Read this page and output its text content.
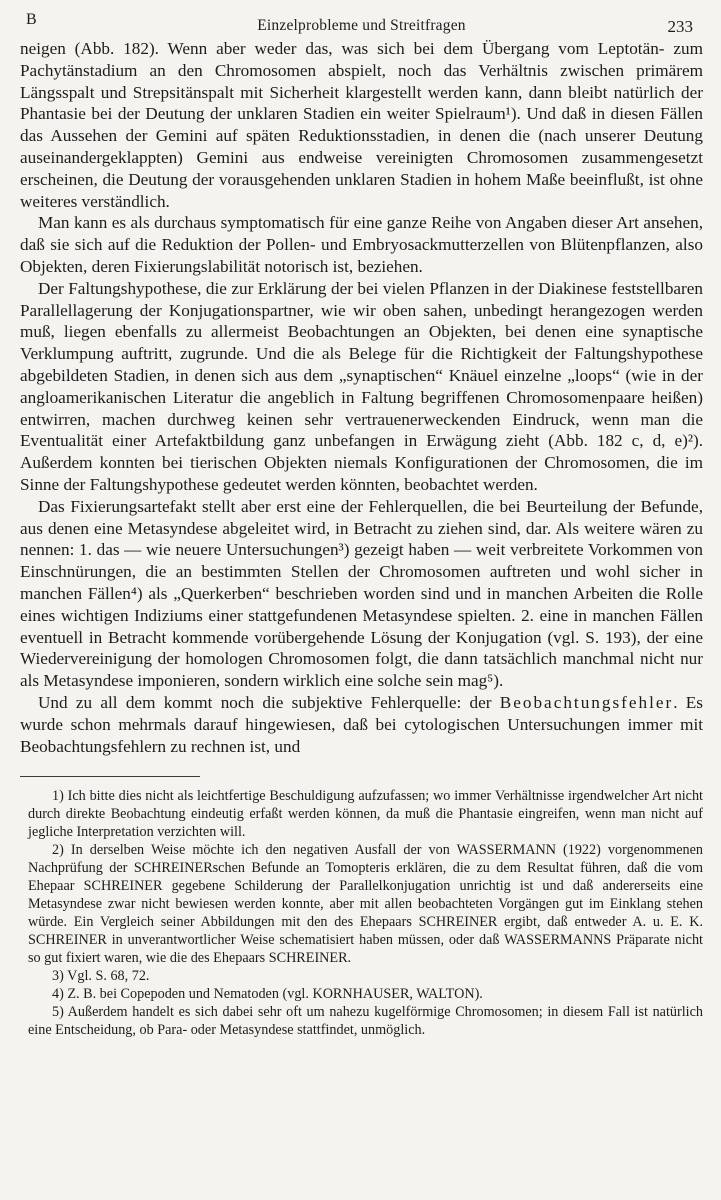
B	Einzelprobleme und Streitfragen	233

neigen (Abb. 182). Wenn aber weder das, was sich bei dem Übergang vom Leptotän- zum Pachytänstadium an den Chromosomen abspielt, noch das Verhältnis zwischen primärem Längsspalt und Strepsitänspalt mit Sicherheit klargestellt werden kann, dann bleibt natürlich der Phantasie bei der Deutung der unklaren Stadien ein weiter Spielraum¹). Und daß in diesen Fällen das Aussehen der Gemini auf späten Reduktionsstadien, in denen die (nach unserer Deutung auseinandergeklappten) Gemini aus endweise vereinigten Chromosomen zusammengesetzt erscheinen, die Deutung der vorausgehenden unklaren Stadien in hohem Maße beeinflußt, ist ohne weiteres verständlich.

Man kann es als durchaus symptomatisch für eine ganze Reihe von Angaben dieser Art ansehen, daß sie sich auf die Reduktion der Pollen- und Embryosackmutterzellen von Blütenpflanzen, also Objekten, deren Fixierungslabilität notorisch ist, beziehen.

Der Faltungshypothese, die zur Erklärung der bei vielen Pflanzen in der Diakinese feststellbaren Parallellagerung der Konjugationspartner, wie wir oben sahen, unbedingt herangezogen werden muß, liegen ebenfalls zu allermeist Beobachtungen an Objekten, bei denen eine synaptische Verklumpung auftritt, zugrunde. Und die als Belege für die Richtigkeit der Faltungshypothese abgebildeten Stadien, in denen sich aus dem „synaptischen“ Knäuel einzelne „loops“ (wie in der angloamerikanischen Literatur die angeblich in Faltung begriffenen Chromosomenpaare heißen) entwirren, machen durchweg keinen sehr vertrauenerweckenden Eindruck, wenn man die Eventualität einer Artefaktbildung ganz unbefangen in Erwägung zieht (Abb. 182 c, d, e)²). Außerdem konnten bei tierischen Objekten niemals Konfigurationen der Chromosomen, die im Sinne der Faltungshypothese gedeutet werden könnten, beobachtet werden.

Das Fixierungsartefakt stellt aber erst eine der Fehlerquellen, die bei Beurteilung der Befunde, aus denen eine Metasyndese abgeleitet wird, in Betracht zu ziehen sind, dar. Als weitere wären zu nennen: 1. das — wie neuere Untersuchungen³) gezeigt haben — weit verbreitete Vorkommen von Einschnürungen, die an bestimmten Stellen der Chromosomen auftreten und wohl sicher in manchen Fällen⁴) als „Querkerben“ beschrieben worden sind und in manchen Arbeiten die Rolle eines wichtigen Indiziums einer stattgefundenen Metasyndese spielten. 2. eine in manchen Fällen eventuell in Betracht kommende vorübergehende Lösung der Konjugation (vgl. S. 193), der eine Wiedervereinigung der homologen Chromosomen folgt, die dann tatsächlich manchmal nicht nur als Metasyndese imponieren, sondern wirklich eine solche sein mag⁵).

Und zu all dem kommt noch die subjektive Fehlerquelle: der Beobachtungsfehler. Es wurde schon mehrmals darauf hingewiesen, daß bei cytologischen Untersuchungen immer mit Beobachtungsfehlern zu rechnen ist, und

1) Ich bitte dies nicht als leichtfertige Beschuldigung aufzufassen; wo immer Verhältnisse irgendwelcher Art nicht durch direkte Beobachtung eindeutig erfaßt werden können, da muß die Phantasie eingreifen, wenn man nicht auf jegliche Interpretation verzichten will.

2) In derselben Weise möchte ich den negativen Ausfall der von WASSERMANN (1922) vorgenommenen Nachprüfung der SCHREINERschen Befunde an Tomopteris erklären, die zu dem Resultat führen, daß die vom Ehepaar SCHREINER gegebene Schilderung der Parallelkonjugation unrichtig ist und daß andererseits eine Metasyndese zwar nicht bewiesen werden konnte, aber mit allen beobachteten Vorgängen gut im Einklang stehen würde. Ein Vergleich seiner Abbildungen mit den des Ehepaars SCHREINER ergibt, daß entweder A. u. E. K. SCHREINER in unverantwortlicher Weise schematisiert haben müssen, oder daß WASSERMANNS Präparate nicht so gut fixiert waren, wie die des Ehepaars SCHREINER.

3) Vgl. S. 68, 72.

4) Z. B. bei Copepoden und Nematoden (vgl. KORNHAUSER, WALTON).

5) Außerdem handelt es sich dabei sehr oft um nahezu kugelförmige Chromosomen; in diesem Fall ist natürlich eine Entscheidung, ob Para- oder Metasyndese stattfindet, unmöglich.
